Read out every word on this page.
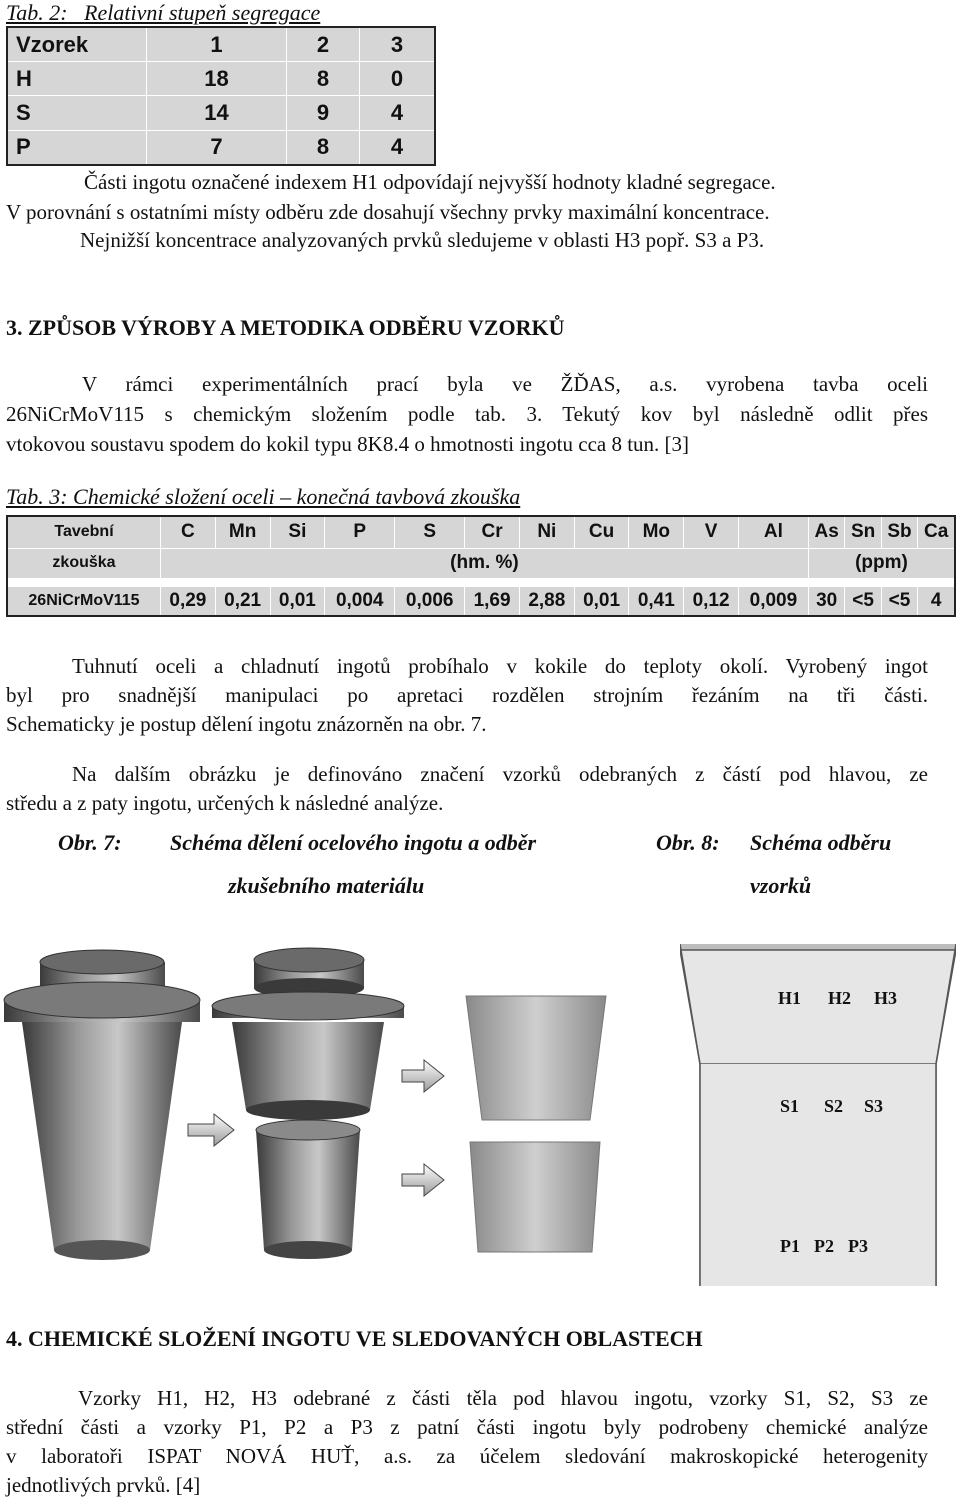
Tab. 2: Relativní stupeň segregace
Vzorek	1	2	3
H	18	8	0
S	14	9	4
P	7	8	4
Části ingotu označené indexem H1 odpovídají nejvyšší hodnoty kladné segregace.
V porovnání s ostatními místy odběru zde dosahují všechny prvky maximální koncentrace.
Nejnižší koncentrace analyzovaných prvků sledujeme v oblasti H3 popř. S3 a P3.
3. ZPŮSOB VÝROBY A METODIKA ODBĚRU VZORKŮ
V rámci experimentálních prací byla ve ŽĎAS, a.s. vyrobena tavba oceli
26NiCrMoV115 s chemickým složením podle tab. 3. Tekutý kov byl následně odlit přes
vtokovou soustavu spodem do kokil typu 8K8.4 o hmotnosti ingotu cca 8 tun. [3]
Tab. 3: Chemické složení oceli – konečná tavbová zkouška
Tavební	C	Mn	Si	P	S	Cr	Ni	Cu	Mo	V	Al	As	Sn	Sb	Ca
zkouška	(hm. %)											(ppm)			

26NiCrMoV115	0,29	0,21	0,01	0,004	0,006	1,69	2,88	0,01	0,41	0,12	0,009	30	<5	<5	4
Tuhnutí oceli a chladnutí ingotů probíhalo v kokile do teploty okolí. Vyrobený ingot
byl pro snadnější manipulaci po apretaci rozdělen strojním řezáním na tři části.
Schematicky je postup dělení ingotu znázorněn na obr. 7.
Na dalším obrázku je definováno značení vzorků odebraných z částí pod hlavou, ze
středu a z paty ingotu, určených k následné analýze.
Obr. 7: Schéma dělení ocelového ingotu a odběr
zkušebního materiálu
Obr. 8: Schéma odběru
vzorků
H1 H2 H3
S1 S2 S3
P1 P2 P3
4. CHEMICKÉ SLOŽENÍ INGOTU VE SLEDOVANÝCH OBLASTECH
Vzorky H1, H2, H3 odebrané z části těla pod hlavou ingotu, vzorky S1, S2, S3 ze
střední části a vzorky P1, P2 a P3 z patní části ingotu byly podrobeny chemické analýze
v laboratoři ISPAT NOVÁ HUŤ, a.s. za účelem sledování makroskopické heterogenity
jednotlivých prvků. [4]
